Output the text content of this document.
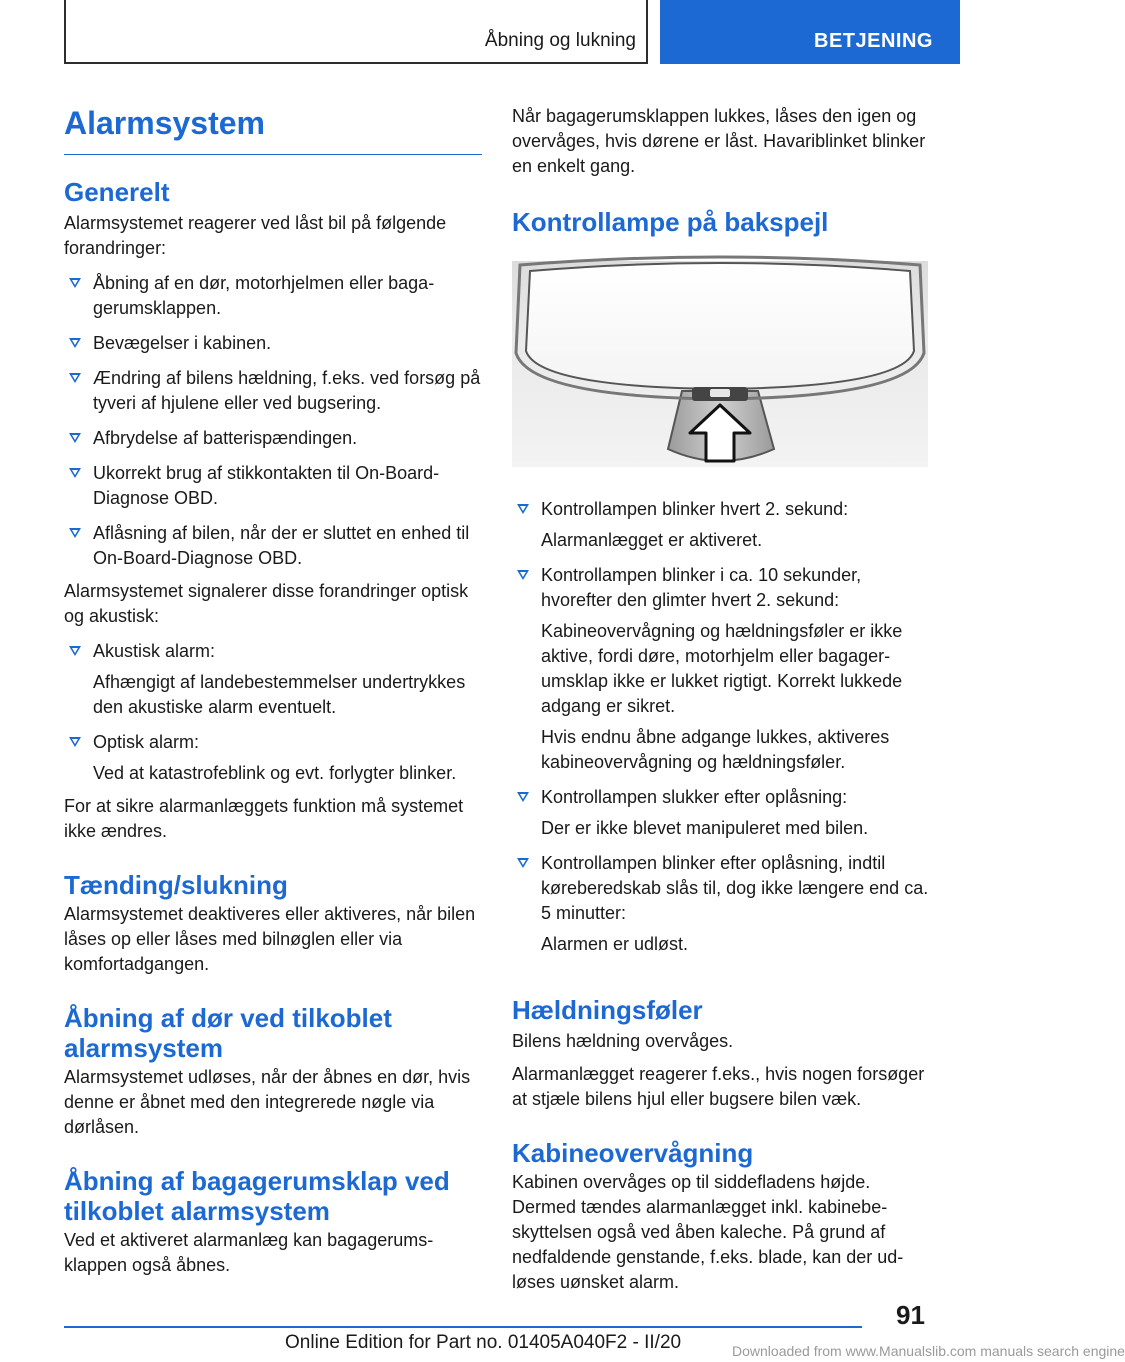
Åbning og lukning	BETJENING
Alarmsystem
Generelt

Alarmsystemet reagerer ved låst bil på følgende forandringer:

Åbning af en dør, motorhjelmen eller bagagerumsklappen.
Bevægelser i kabinen.
Ændring af bilens hældning, f.eks. ved forsøg på tyveri af hjulene eller ved bugsering.
Afbrydelse af batterispændingen.
Ukorrekt brug af stikkontakten til On-Board-Diagnose OBD.
Aflåsning af bilen, når der er sluttet en enhed til On-Board-Diagnose OBD.

Alarmsystemet signalerer disse forandringer optisk og akustisk:

Akustisk alarm:
Afhængigt af landebestemmelser undertrykkes den akustiske alarm eventuelt.
Optisk alarm:
Ved at katastrofeblink og evt. forlygter blinker.

For at sikre alarmanlæggets funktion må systemet ikke ændres.

Tænding/slukning

Alarmsystemet deaktiveres eller aktiveres, når bilen låses op eller låses med bilnøglen eller via komfortadgangen.

Åbning af dør ved tilkoblet alarmsystem

Alarmsystemet udløses, når der åbnes en dør, hvis denne er åbnet med den integrerede nøgle via dørlåsen.

Åbning af bagagerumsklap ved tilkoblet alarmsystem

Ved et aktiveret alarmanlæg kan bagagerumsklappen også åbnes.

Når bagagerumsklappen lukkes, låses den igen og overvåges, hvis dørene er låst. Havariblinket blinker en enkelt gang.

Kontrollampe på bakspejl
Kontrollampen blinker hvert 2. sekund:
Alarmanlægget er aktiveret.
Kontrollampen blinker i ca. 10 sekunder, hvorefter den glimter hvert 2. sekund:
Kabineovervågning og hældningsføler er ikke aktive, fordi døre, motorhjelm eller bagagerumsklap ikke er lukket rigtigt. Korrekt lukkede adgang er sikret.
Hvis endnu åbne adgange lukkes, aktiveres kabineovervågning og hældningsføler.
Kontrollampen slukker efter oplåsning:
Der er ikke blevet manipuleret med bilen.
Kontrollampen blinker efter oplåsning, indtil køreberedskab slås til, dog ikke længere end ca. 5 minutter:
Alarmen er udløst.
Hældningsføler

Bilens hældning overvåges.

Alarmanlægget reagerer f.eks., hvis nogen forsøger at stjæle bilens hjul eller bugsere bilen væk.

Kabineovervågning

Kabinen overvåges op til siddefladens højde. Dermed tændes alarmanlægget inkl. kabinebeskyttelsen også ved åben kaleche. På grund af nedfaldende genstande, f.eks. blade, kan der udløses uønsket alarm.

91
Online Edition for Part no. 01405A040F2 - II/20	Downloaded from www.Manualslib.com manuals search engine
